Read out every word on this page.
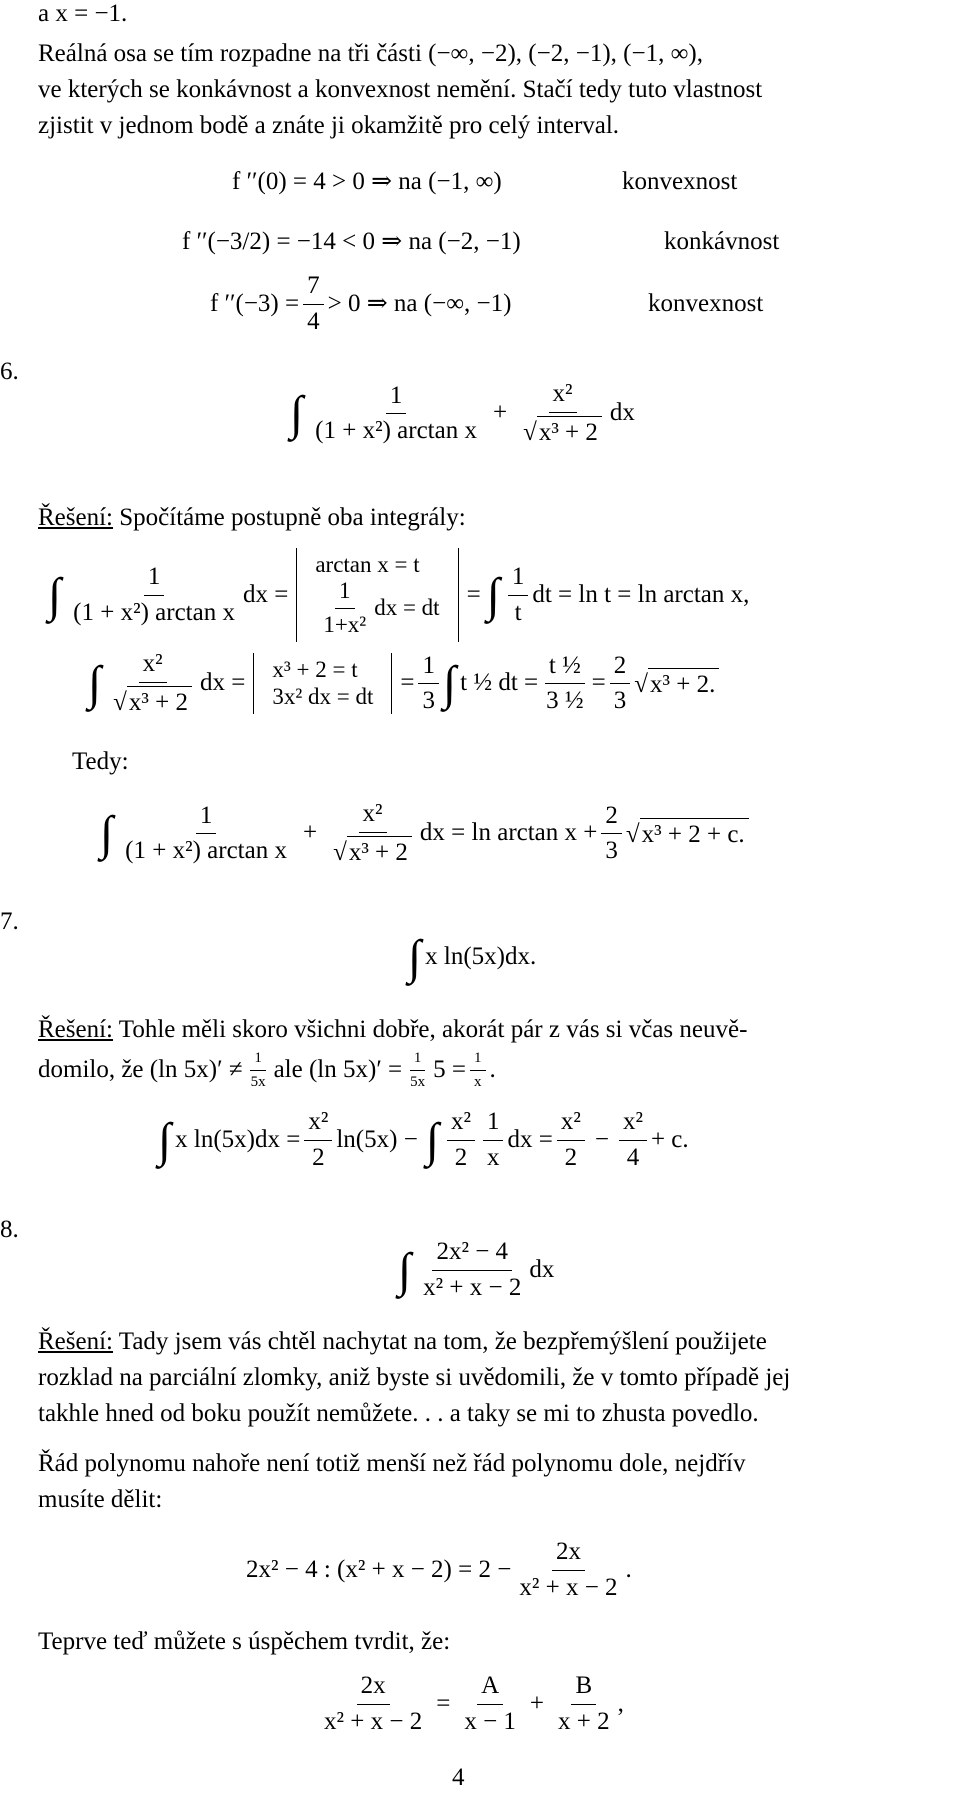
a x = −1.
Reálná osa se tím rozpadne na tři části (−∞, −2), (−2, −1), (−1, ∞),
ve kterých se konkávnost a konvexnost nemění. Stačí tedy tuto vlastnost
zjistit v jednom bodě a znáte ji okamžitě pro celý interval.
f ′′(0) = 4 > 0 ⇒ na (−1, ∞)	konvexnost
f ′′(−3/2) = −14 < 0 ⇒ na (−2, −1)	konkávnost
f $''(-3) = \frac{7}{4} > 0$ ⇒ na (−∞, −1)	konvexnost
6.
∫ $\frac{1}{\text{(1 + x²) arctan x}} + \frac{\text{x²}}{\text{√x³ + 2}}$ dx
Řešení: Spočítáme postupně oba integrály:
∫ $\frac{1}{\text{(1 + x²) arctan x}}$ dx =
arctan x = t
$\frac{1}{\text{1+x²}}$ dx = dt = ∫ $\frac{1}{t}$ dt = ln t = ln arctan x,
∫ $\frac{\text{x²}}{\text{√x³ + 2}}$ dx = x³ + 2 = t
3x² dx = dt = $\frac{1}{3}$ ∫ t ½ dt = $\frac{\text{t ½}}{\text{3 ½}} = \frac{2}{3} √x^3 + 2$.
Tedy:
∫ $\frac{1}{\text{(1 + x²) arctan x}} + \frac{\text{x²}}{\text{√x³ + 2}}$ dx = $\ln \arctan x + \frac{2}{3} √x^3 + 2 + c$.
7.
∫ x ln(5x)dx.
Řešení: Tohle měli skoro všichni dobře, akorát pár z vás si včas neuvě-
domilo, že (ln $5x)' \ne \frac{1}{5x}$ ale (ln $5x)' = \frac{1}{5x} 5 = \frac{1}{x}$ .
∫ x $\ln(5x)dx = \frac{\text{x²}}{2} \ln(5x)$ − ∫ $\frac{\text{x²}}{2} \frac{1}{x}$ dx = $\frac{\text{x²}}{2} - \frac{\text{x²}}{4} + c$.
8.
∫ $\frac{\text{2x² − 4}}{\text{x² + x − 2}}$ dx
Řešení: Tady jsem vás chtěl nachytat na tom, že bezpřemýšlení použijete
rozklad na parciální zlomky, aniž byste si uvědomili, že v tomto případě jej
takhle hned od boku použít nemůžete. . . a taky se mi to zhusta povedlo.
Řád polynomu nahoře není totiž menší než řád polynomu dole, nejdřív
musíte dělit:
2x² − 4 : $(x^2 + x - 2) = 2 - \frac{2x}{\text{x² + x − 2}}$ .
Teprve teď můžete s úspěchem tvrdit, že:
$\frac{2x}{\text{x² + x − 2}} = \frac{A}{x - 1} + \frac{B}{x + 2}$ ,
4
